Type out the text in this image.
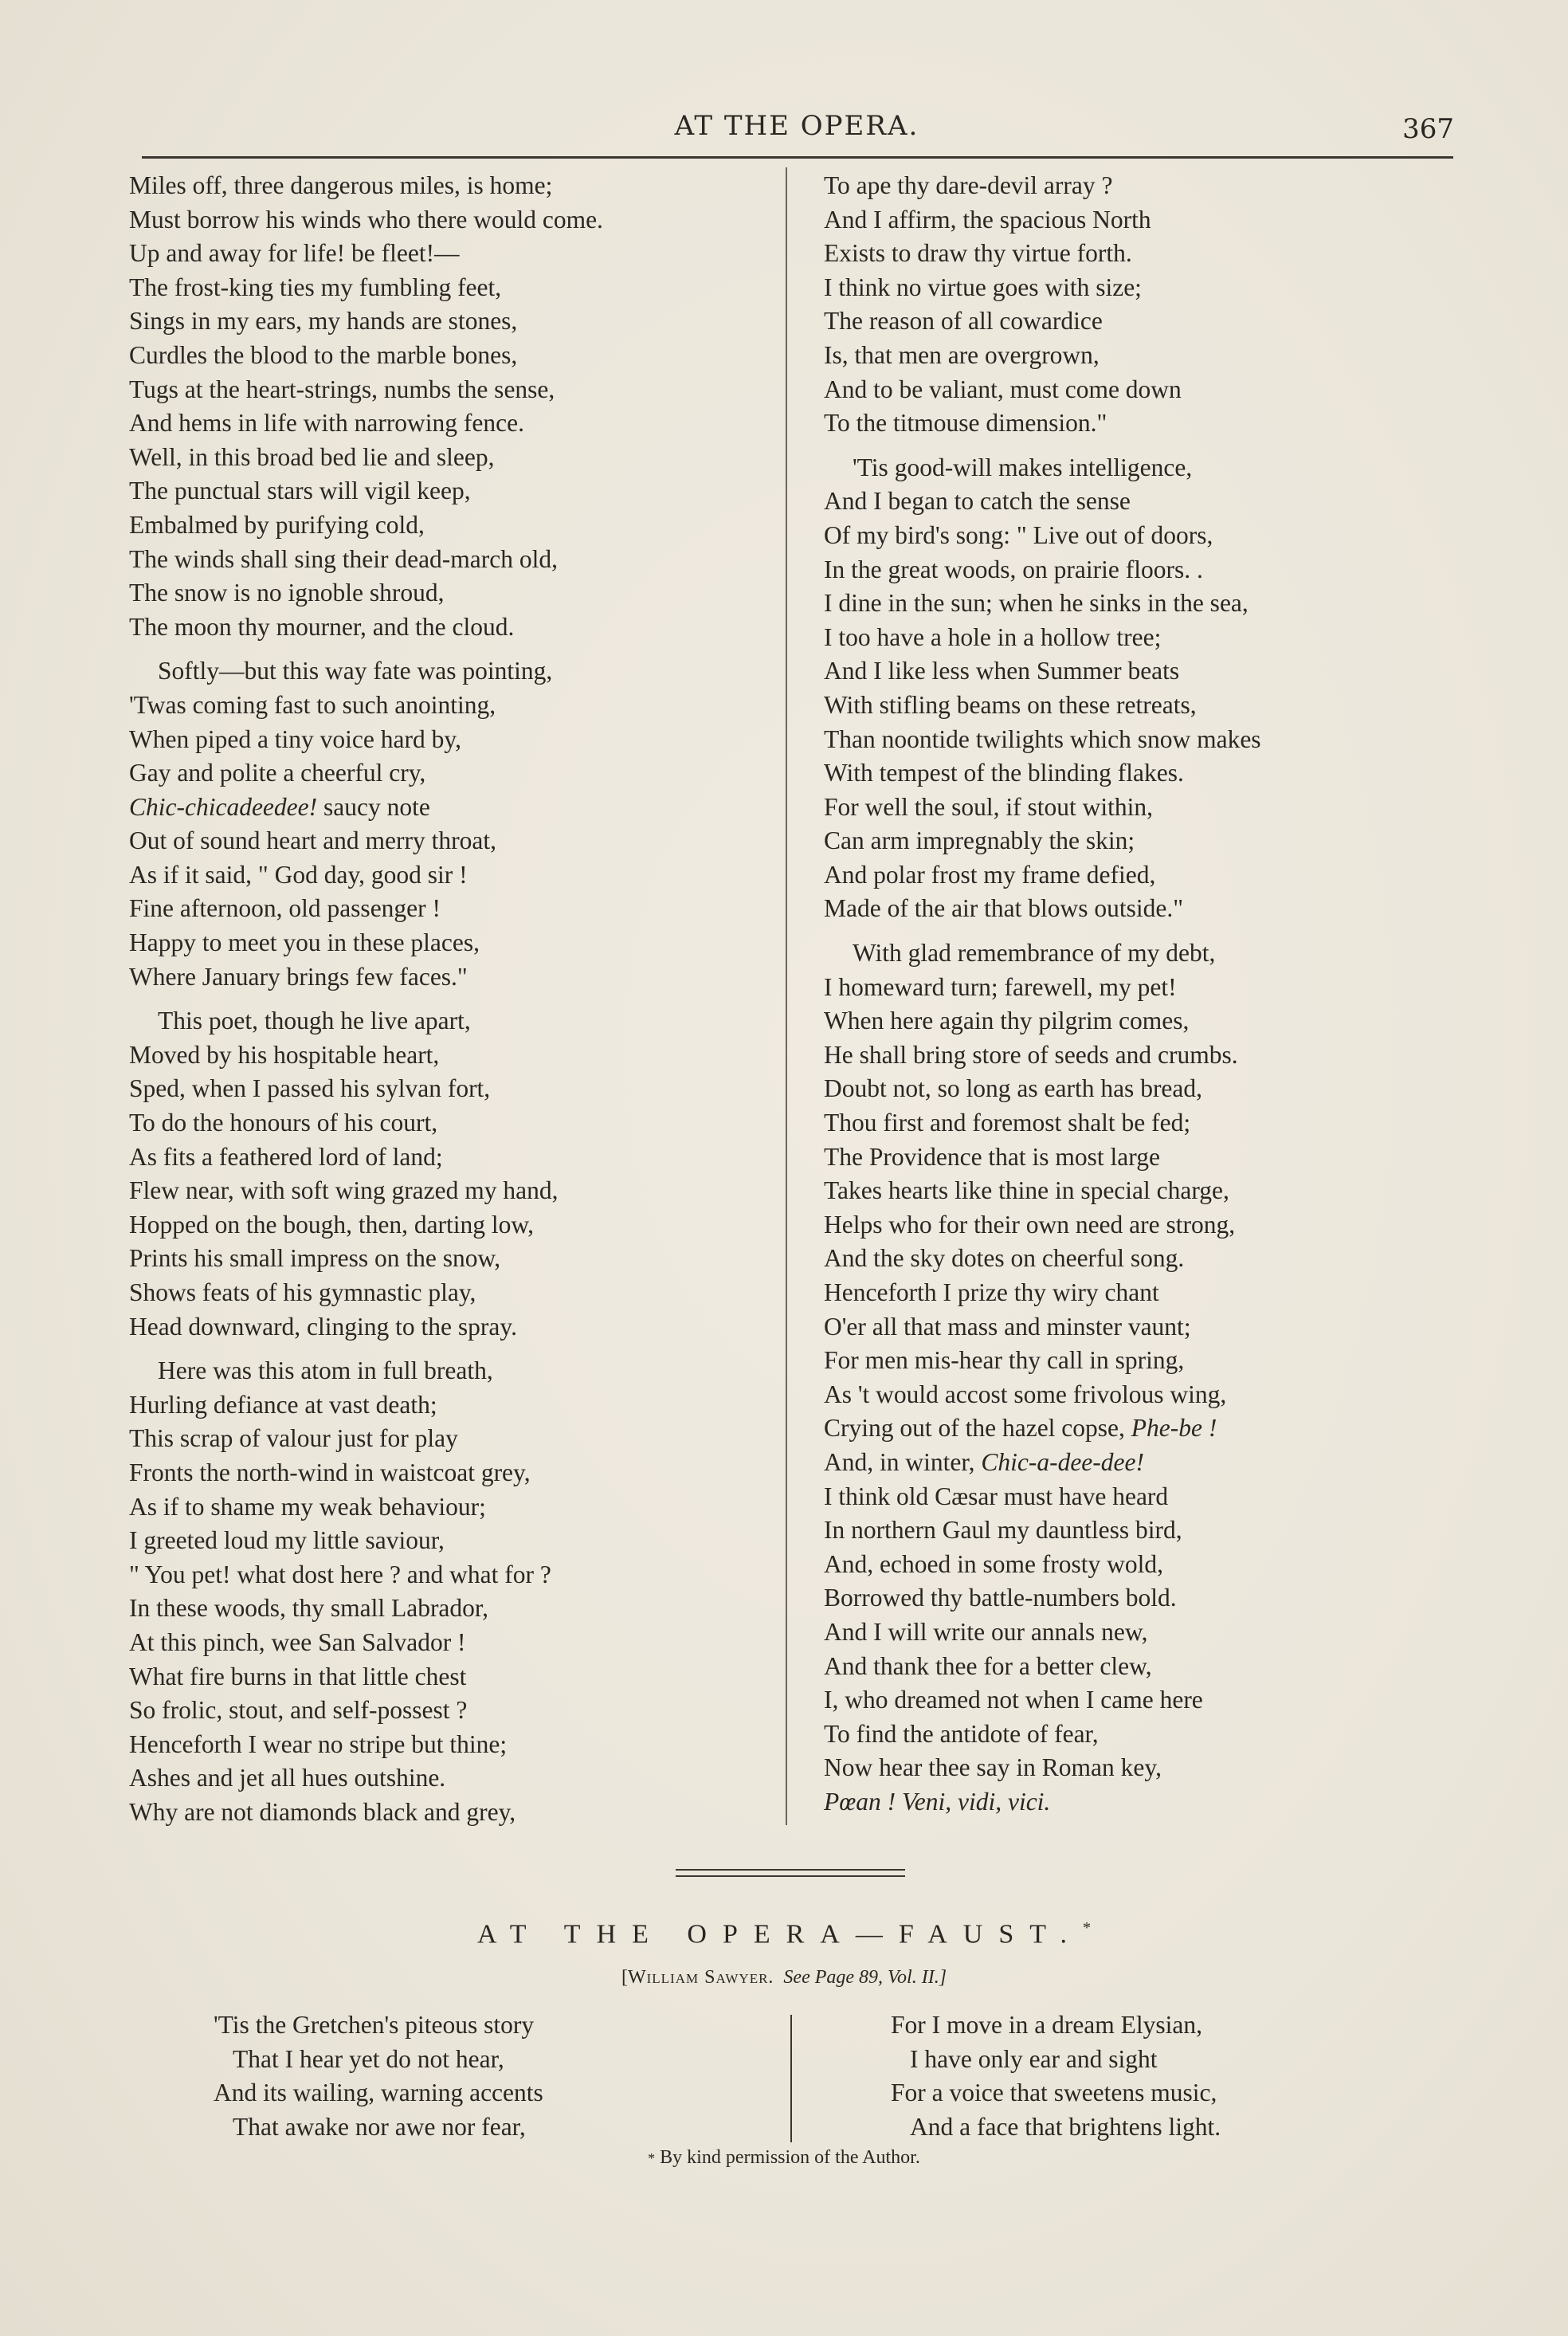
AT THE OPERA.	367
Miles off, three dangerous miles, is home;
Must borrow his winds who there would come.
Up and away for life! be fleet!—
The frost-king ties my fumbling feet,
Sings in my ears, my hands are stones,
Curdles the blood to the marble bones,
Tugs at the heart-strings, numbs the sense,
And hems in life with narrowing fence.
Well, in this broad bed lie and sleep,
The punctual stars will vigil keep,
Embalmed by purifying cold,
The winds shall sing their dead-march old,
The snow is no ignoble shroud,
The moon thy mourner, and the cloud.
Softly—but this way fate was pointing,
'Twas coming fast to such anointing,
When piped a tiny voice hard by,
Gay and polite a cheerful cry,
Chic-chicadeedee! saucy note
Out of sound heart and merry throat,
As if it said, " God day, good sir !
Fine afternoon, old passenger !
Happy to meet you in these places,
Where January brings few faces."
This poet, though he live apart,
Moved by his hospitable heart,
Sped, when I passed his sylvan fort,
To do the honours of his court,
As fits a feathered lord of land;
Flew near, with soft wing grazed my hand,
Hopped on the bough, then, darting low,
Prints his small impress on the snow,
Shows feats of his gymnastic play,
Head downward, clinging to the spray.
Here was this atom in full breath,
Hurling defiance at vast death;
This scrap of valour just for play
Fronts the north-wind in waistcoat grey,
As if to shame my weak behaviour;
I greeted loud my little saviour,
" You pet! what dost here ? and what for ?
In these woods, thy small Labrador,
At this pinch, wee San Salvador !
What fire burns in that little chest
So frolic, stout, and self-possest ?
Henceforth I wear no stripe but thine;
Ashes and jet all hues outshine.
Why are not diamonds black and grey,
To ape thy dare-devil array ?
And I affirm, the spacious North
Exists to draw thy virtue forth.
I think no virtue goes with size;
The reason of all cowardice
Is, that men are overgrown,
And to be valiant, must come down
To the titmouse dimension."
'Tis good-will makes intelligence,
And I began to catch the sense
Of my bird's song: " Live out of doors,
In the great woods, on prairie floors. .
I dine in the sun; when he sinks in the sea,
I too have a hole in a hollow tree;
And I like less when Summer beats
With stifling beams on these retreats,
Than noontide twilights which snow makes
With tempest of the blinding flakes.
For well the soul, if stout within,
Can arm impregnably the skin;
And polar frost my frame defied,
Made of the air that blows outside."
With glad remembrance of my debt,
I homeward turn; farewell, my pet!
When here again thy pilgrim comes,
He shall bring store of seeds and crumbs.
Doubt not, so long as earth has bread,
Thou first and foremost shalt be fed;
The Providence that is most large
Takes hearts like thine in special charge,
Helps who for their own need are strong,
And the sky dotes on cheerful song.
Henceforth I prize thy wiry chant
O'er all that mass and minster vaunt;
For men mis-hear thy call in spring,
As 't would accost some frivolous wing,
Crying out of the hazel copse, Phe-be !
And, in winter, Chic-a-dee-dee!
I think old Cæsar must have heard
In northern Gaul my dauntless bird,
And, echoed in some frosty wold,
Borrowed thy battle-numbers bold.
And I will write our annals new,
And thank thee for a better clew,
I, who dreamed not when I came here
To find the antidote of fear,
Now hear thee say in Roman key,
Pœan ! Veni, vidi, vici.
AT THE OPERA—FAUST.*
[William Sawyer. See Page 89, Vol. II.]
'Tis the Gretchen's piteous story
That I hear yet do not hear,
And its wailing, warning accents
That awake nor awe nor fear,
For I move in a dream Elysian,
I have only ear and sight
For a voice that sweetens music,
And a face that brightens light.
* By kind permission of the Author.
